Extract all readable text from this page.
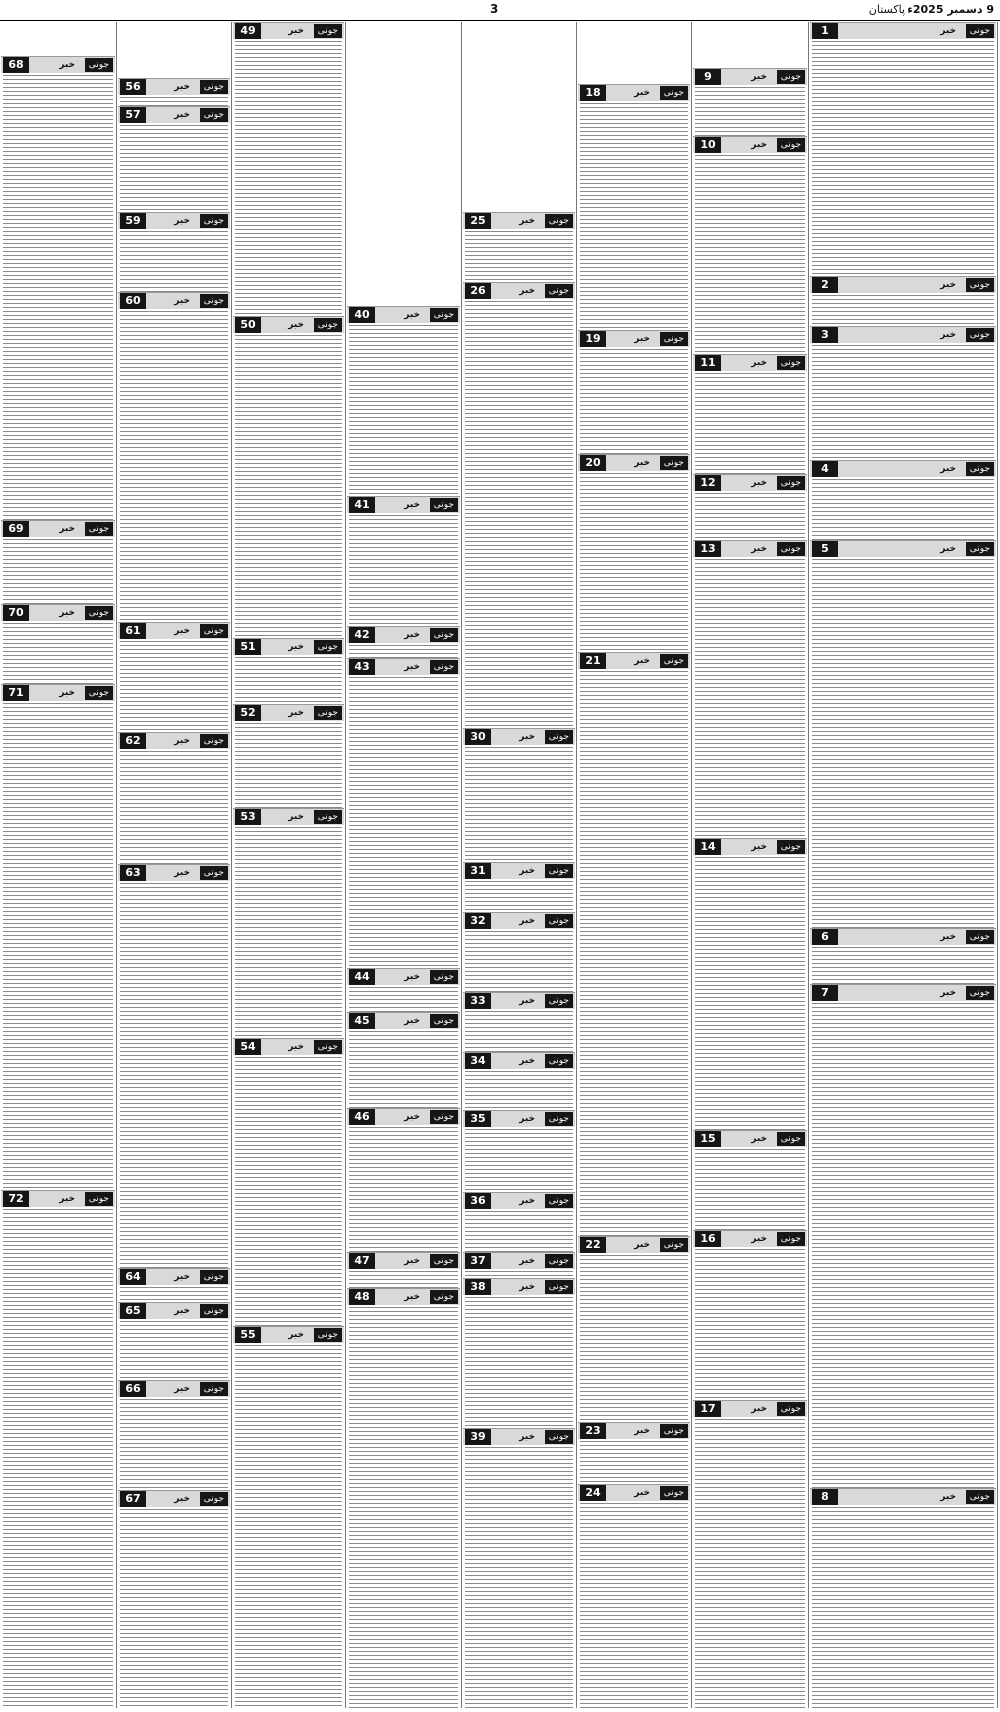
3	9 دسمبر 2025ء
پاکستان
68	خبر	جونی
69	خبر	جونی
70	خبر	جونی
71	خبر	جونی
72	خبر	جونی
56	خبر	جونی
57	خبر	جونی
59	خبر	جونی
60	خبر	جونی
61	خبر	جونی
62	خبر	جونی
63	خبر	جونی
64	خبر	جونی
65	خبر	جونی
66	خبر	جونی
67	خبر	جونی
49	خبر	جونی
50	خبر	جونی
51	خبر	جونی
52	خبر	جونی
53	خبر	جونی
54	خبر	جونی
55	خبر	جونی
40	خبر	جونی
41	خبر	جونی
42	خبر	جونی
43	خبر	جونی
44	خبر	جونی
45	خبر	جونی
46	خبر	جونی
47	خبر	جونی
48	خبر	جونی
25	خبر	جونی
26	خبر	جونی
30	خبر	جونی
31	خبر	جونی
32	خبر	جونی
33	خبر	جونی
34	خبر	جونی
35	خبر	جونی
36	خبر	جونی
37	خبر	جونی
38	خبر	جونی
39	خبر	جونی
18	خبر	جونی
19	خبر	جونی
20	خبر	جونی
21	خبر	جونی
22	خبر	جونی
23	خبر	جونی
24	خبر	جونی
9	خبر	جونی
10	خبر	جونی
11	خبر	جونی
12	خبر	جونی
13	خبر	جونی
14	خبر	جونی
15	خبر	جونی
16	خبر	جونی
17	خبر	جونی
1	خبر	جونی
2	خبر	جونی
3	خبر	جونی
4	خبر	جونی
5	خبر	جونی
6	خبر	جونی
7	خبر	جونی
8	خبر	جونی
